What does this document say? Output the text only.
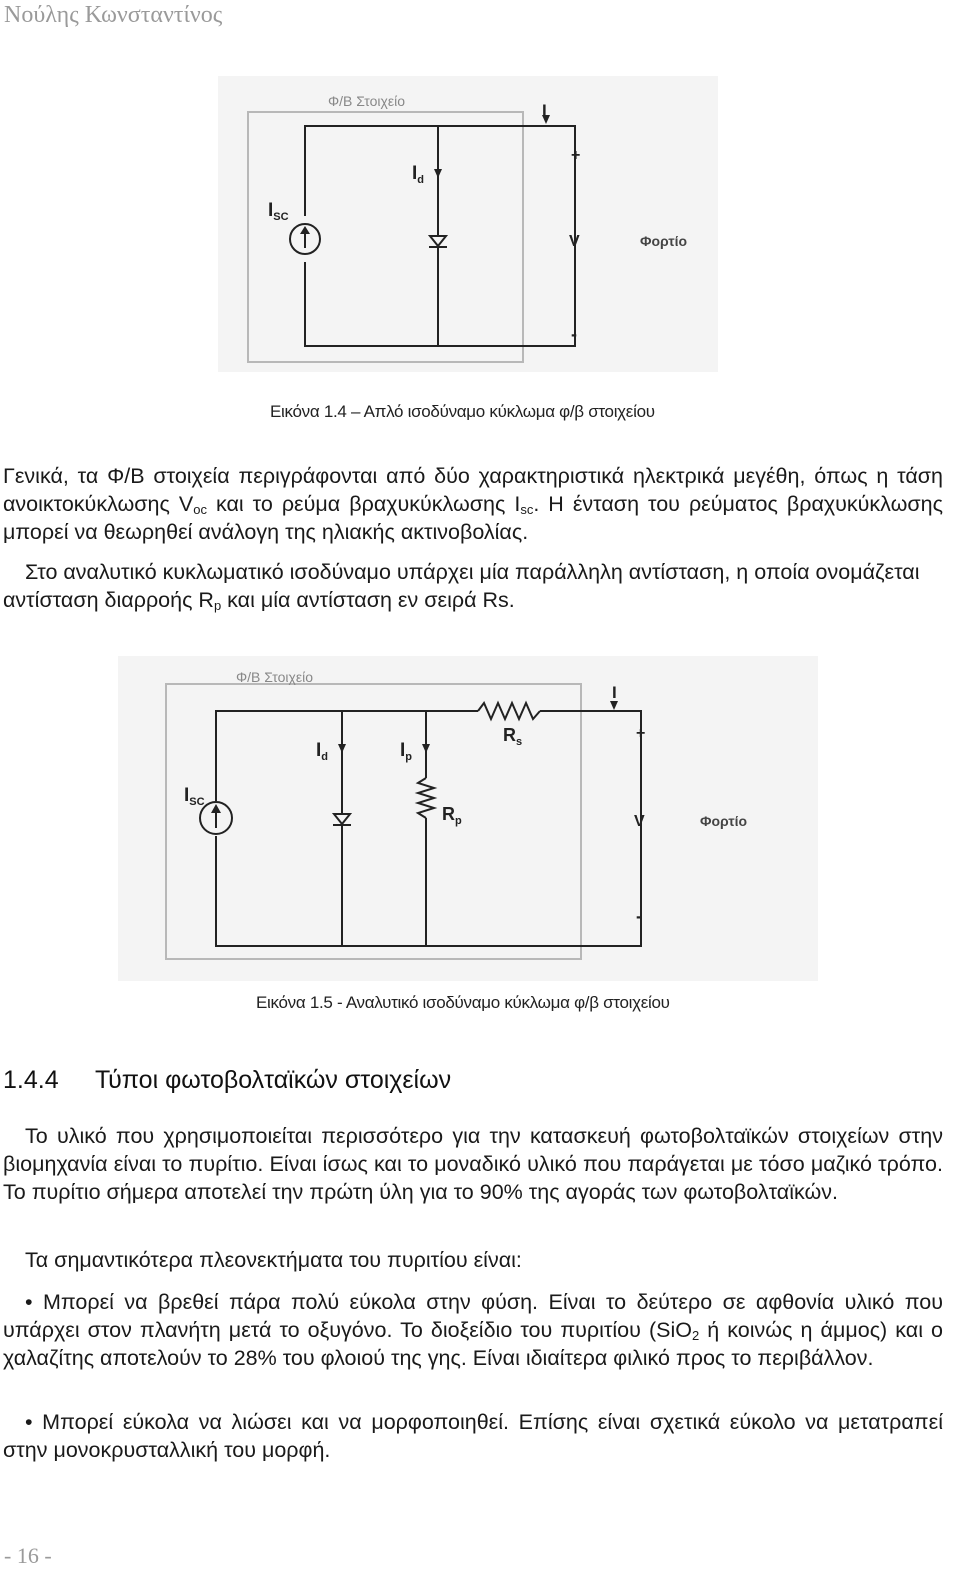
Νούλης Κωνσταντίνος
Φ/Β Στοιχείο	I
$I_d$
$I_{SC}$
+
V
-
Φορτίο
Εικόνα 1.4 – Απλό ισοδύναμο κύκλωμα φ/β στοιχείου

Γενικά, τα Φ/Β στοιχεία περιγράφονται από δύο χαρακτηριστικά ηλεκτρικά μεγέθη, όπως η τάση ανοικτοκύκλωσης $V_{oc}$ και το ρεύμα βραχυκύκλωσης $I_{sc}$. Η ένταση του ρεύματος βραχυκύκλωσης μπορεί να θεωρηθεί ανάλογη της ηλιακής ακτινοβολίας.

Στο αναλυτικό κυκλωματικό ισοδύναμο υπάρχει μία παράλληλη αντίσταση, η οποία ονομάζεται αντίσταση διαρροής $R_p$ και μία αντίσταση εν σειρά Rs.

Φ/Β Στοιχείο
I
$R_s$
$I_d$	$I_p$
$I_{SC}$
$R_p$
+
V
-
Φορτίο
Εικόνα 1.5 - Αναλυτικό ισοδύναμο κύκλωμα φ/β στοιχείου
1.4.4 Τύποι φωτοβολταϊκών στοιχείων

Το υλικό που χρησιμοποιείται περισσότερο για την κατασκευή φωτοβολταϊκών στοιχείων στην βιομηχανία είναι το πυρίτιο. Είναι ίσως και το μοναδικό υλικό που παράγεται με τόσο μαζικό τρόπο. Το πυρίτιο σήμερα αποτελεί την πρώτη ύλη για το 90% της αγοράς των φωτοβολταϊκών.

Τα σημαντικότερα πλεονεκτήματα του πυριτίου είναι:

• Μπορεί να βρεθεί πάρα πολύ εύκολα στην φύση. Είναι το δεύτερο σε αφθονία υλικό που υπάρχει στον πλανήτη μετά το οξυγόνο. Το διοξείδιο του πυριτίου (SiO$_2$ ή κοινώς η άμμος) και ο χαλαζίτης αποτελούν το 28% του φλοιού της γης. Είναι ιδιαίτερα φιλικό προς το περιβάλλον.

• Μπορεί εύκολα να λιώσει και να μορφοποιηθεί. Επίσης είναι σχετικά εύκολο να μετατραπεί στην μονοκρυσταλλική του μορφή.

- 16 -
